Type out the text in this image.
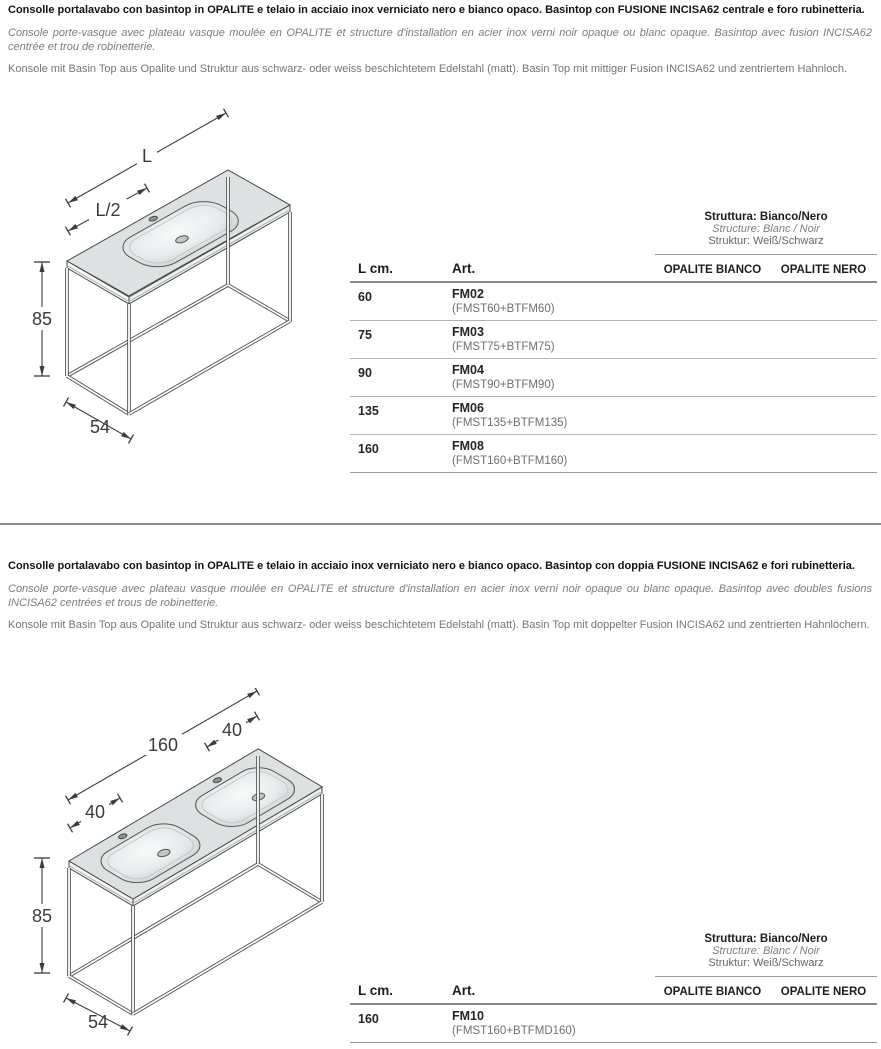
Consolle portalavabo con basintop in OPALITE e telaio in acciaio inox verniciato nero e bianco opaco. Basintop con FUSIONE INCISA62 centrale e foro rubinetteria.

Console porte-vasque avec plateau vasque moulée en OPALITE et structure d'installation en acier inox verni noir opaque ou blanc opaque. Basintop avec fusion INCISA62 centrée et trou de robinetterie.

Konsole mit Basin Top aus Opalite und Struktur aus schwarz- oder weiss beschichtetem Edelstahl (matt). Basin Top mit mittiger Fusion INCISA62 und zentriertem Hahnloch.

L
L/2
85
54
Struttura: Bianco/Nero
Structure: Blanc / Noir
Struktur: Weiß/Schwarz
L cm.	Art.	OPALITE BIANCO	OPALITE NERO
60	FM02
(FMST60+BTFM60)
75	FM03
(FMST75+BTFM75)
90	FM04
(FMST90+BTFM90)
135	FM06
(FMST135+BTFM135)
160	FM08
(FMST160+BTFM160)

Consolle portalavabo con basintop in OPALITE e telaio in acciaio inox verniciato nero e bianco opaco. Basintop con doppia FUSIONE INCISA62 e fori rubinetteria.

Console porte-vasque avec plateau vasque moulée en OPALITE et structure d'installation en acier inox verni noir opaque ou blanc opaque. Basintop avec doubles fusions INCISA62 centrées et trous de robinetterie.

Konsole mit Basin Top aus Opalite und Struktur aus schwarz- oder weiss beschichtetem Edelstahl (matt). Basin Top mit doppelter Fusion INCISA62 und zentrierten Hahnlöchern.

160
40
40
85
54
Struttura: Bianco/Nero
Structure: Blanc / Noir
Struktur: Weiß/Schwarz
L cm.	Art.	OPALITE BIANCO	OPALITE NERO
160	FM10
(FMST160+BTFMD160)
